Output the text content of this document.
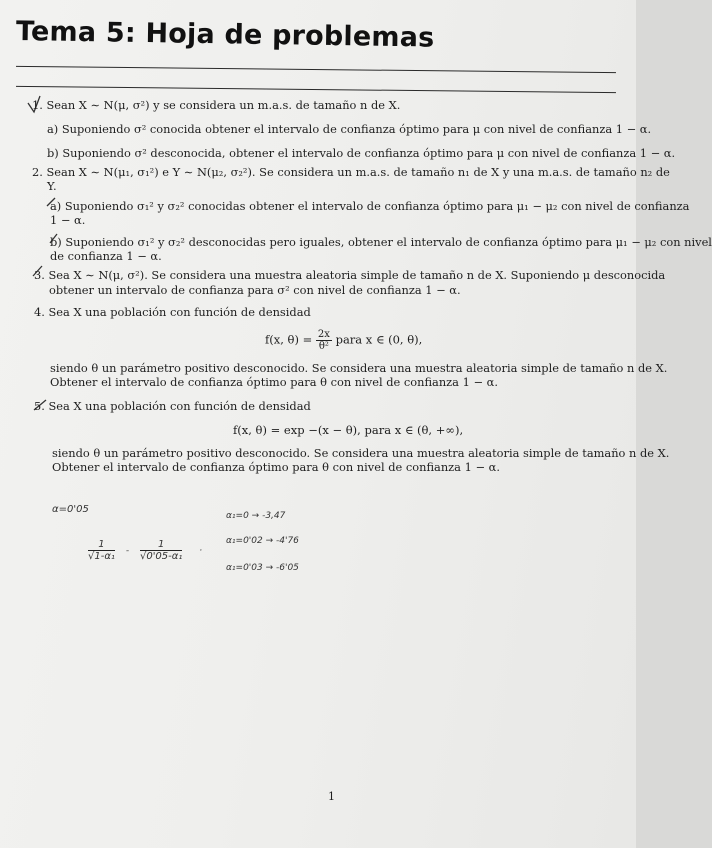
Tema 5: Hoja de problemas
1. Sean X ∼ N(μ, σ²) y se considera un m.a.s. de tamaño n de X.
a) Suponiendo σ² conocida obtener el intervalo de confianza óptimo para μ con nivel de confianza 1 − α.
b) Suponiendo σ² desconocida, obtener el intervalo de confianza óptimo para μ con nivel de confianza 1 − α.
2. Sean X ∼ N(μ₁, σ₁²) e Y ∼ N(μ₂, σ₂²). Se considera un m.a.s. de tamaño n₁ de X y una m.a.s. de tamaño n₂ de
Y.
a) Suponiendo σ₁² y σ₂² conocidas obtener el intervalo de confianza óptimo para μ₁ − μ₂ con nivel de confianza
1 − α.
b) Suponiendo σ₁² y σ₂² desconocidas pero iguales, obtener el intervalo de confianza óptimo para μ₁ − μ₂ con nivel
de confianza 1 − α.
3. Sea X ∼ N(μ, σ²). Se considera una muestra aleatoria simple de tamaño n de X. Suponiendo μ desconocida
obtener un intervalo de confianza para σ² con nivel de confianza 1 − α.
4. Sea X una población con función de densidad
f(x, $\theta) = \frac{2x}{\text{θ²}}$ para x ∈ (0, θ),
siendo θ un parámetro positivo desconocido. Se considera una muestra aleatoria simple de tamaño n de X.
Obtener el intervalo de confianza óptimo para θ con nivel de confianza 1 − α.
5. Sea X una población con función de densidad
f(x, θ) = exp −(x − θ), para x ∈ (θ, +∞),
siendo θ un parámetro positivo desconocido. Se considera una muestra aleatoria simple de tamaño n de X.
Obtener el intervalo de confianza óptimo para θ con nivel de confianza 1 − α.
α=0'05
$\frac{1}{\text{√1-α₁}} - \frac{1}{\text{√0'05-α₁}}$ ·
α₁=0 → -3,47
α₁=0'02 → -4'76
α₁=0'03 → -6'05
1
